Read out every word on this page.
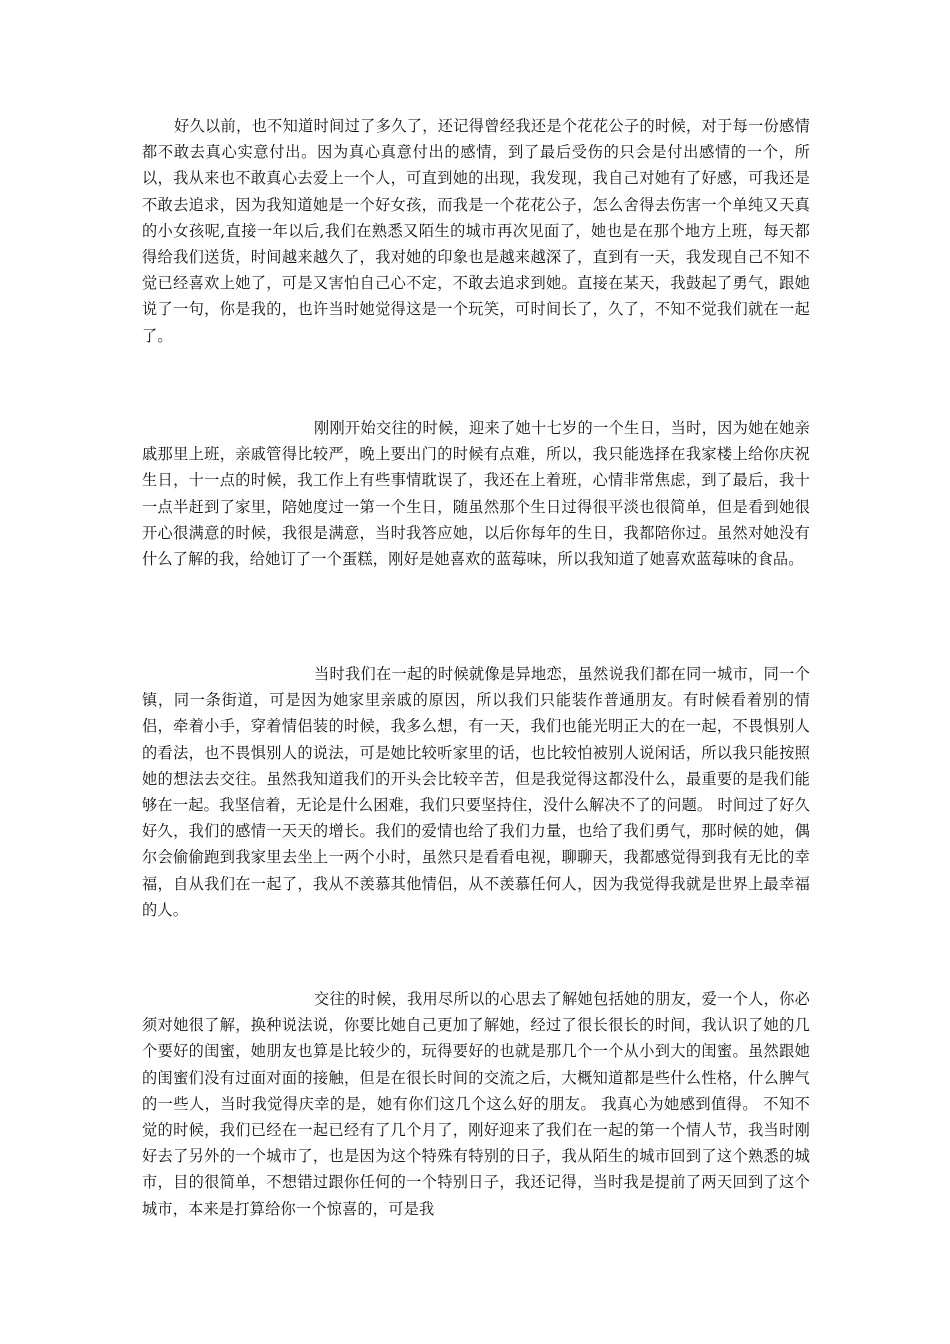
好久以前，也不知道时间过了多久了，还记得曾经我还是个花花公子的时候，对于每一份感情都不敢去真心实意付出。因为真心真意付出的感情，到了最后受伤的只会是付出感情的一个，所以，我从来也不敢真心去爱上一个人，可直到她的出现，我发现，我自己对她有了好感，可我还是不敢去追求，因为我知道她是一个好女孩，而我是一个花花公子，怎么舍得去伤害一个单纯又天真的小女孩呢,直接一年以后,我们在熟悉又陌生的城市再次见面了，她也是在那个地方上班，每天都得给我们送货，时间越来越久了，我对她的印象也是越来越深了，直到有一天，我发现自己不知不觉已经喜欢上她了，可是又害怕自己心不定，不敢去追求到她。直接在某天，我鼓起了勇气，跟她说了一句，你是我的，也许当时她觉得这是一个玩笑，可时间长了，久了，不知不觉我们就在一起了。

刚刚开始交往的时候，迎来了她十七岁的一个生日，当时，因为她在她亲戚那里上班，亲戚管得比较严，晚上要出门的时候有点难，所以，我只能选择在我家楼上给你庆祝生日，十一点的时候，我工作上有些事情耽误了，我还在上着班，心情非常焦虑，到了最后，我十一点半赶到了家里，陪她度过一第一个生日，随虽然那个生日过得很平淡也很简单，但是看到她很开心很满意的时候，我很是满意，当时我答应她，以后你每年的生日，我都陪你过。虽然对她没有什么了解的我，给她订了一个蛋糕，刚好是她喜欢的蓝莓味，所以我知道了她喜欢蓝莓味的食品。

当时我们在一起的时候就像是异地恋，虽然说我们都在同一城市，同一个镇，同一条街道，可是因为她家里亲戚的原因，所以我们只能装作普通朋友。有时候看着别的情侣，牵着小手，穿着情侣装的时候，我多么想，有一天，我们也能光明正大的在一起，不畏惧别人的看法，也不畏惧别人的说法，可是她比较听家里的话，也比较怕被别人说闲话，所以我只能按照她的想法去交往。虽然我知道我们的开头会比较辛苦，但是我觉得这都没什么，最重要的是我们能够在一起。我坚信着，无论是什么困难，我们只要坚持住，没什么解决不了的问题。 时间过了好久好久，我们的感情一天天的增长。我们的爱情也给了我们力量，也给了我们勇气，那时候的她，偶尔会偷偷跑到我家里去坐上一两个小时，虽然只是看看电视，聊聊天，我都感觉得到我有无比的幸福，自从我们在一起了，我从不羡慕其他情侣，从不羡慕任何人，因为我觉得我就是世界上最幸福的人。

交往的时候，我用尽所以的心思去了解她包括她的朋友，爱一个人，你必须对她很了解，换种说法说，你要比她自己更加了解她，经过了很长很长的时间，我认识了她的几个要好的闺蜜，她朋友也算是比较少的，玩得要好的也就是那几个一个从小到大的闺蜜。虽然跟她的闺蜜们没有过面对面的接触，但是在很长时间的交流之后，大概知道都是些什么性格，什么脾气的一些人，当时我觉得庆幸的是，她有你们这几个这么好的朋友。 我真心为她感到值得。 不知不觉的时候，我们已经在一起已经有了几个月了，刚好迎来了我们在一起的第一个情人节，我当时刚好去了另外的一个城市了，也是因为这个特殊有特别的日子，我从陌生的城市回到了这个熟悉的城市，目的很简单，不想错过跟你任何的一个特别日子，我还记得，当时我是提前了两天回到了这个城市，本来是打算给你一个惊喜的，可是我
